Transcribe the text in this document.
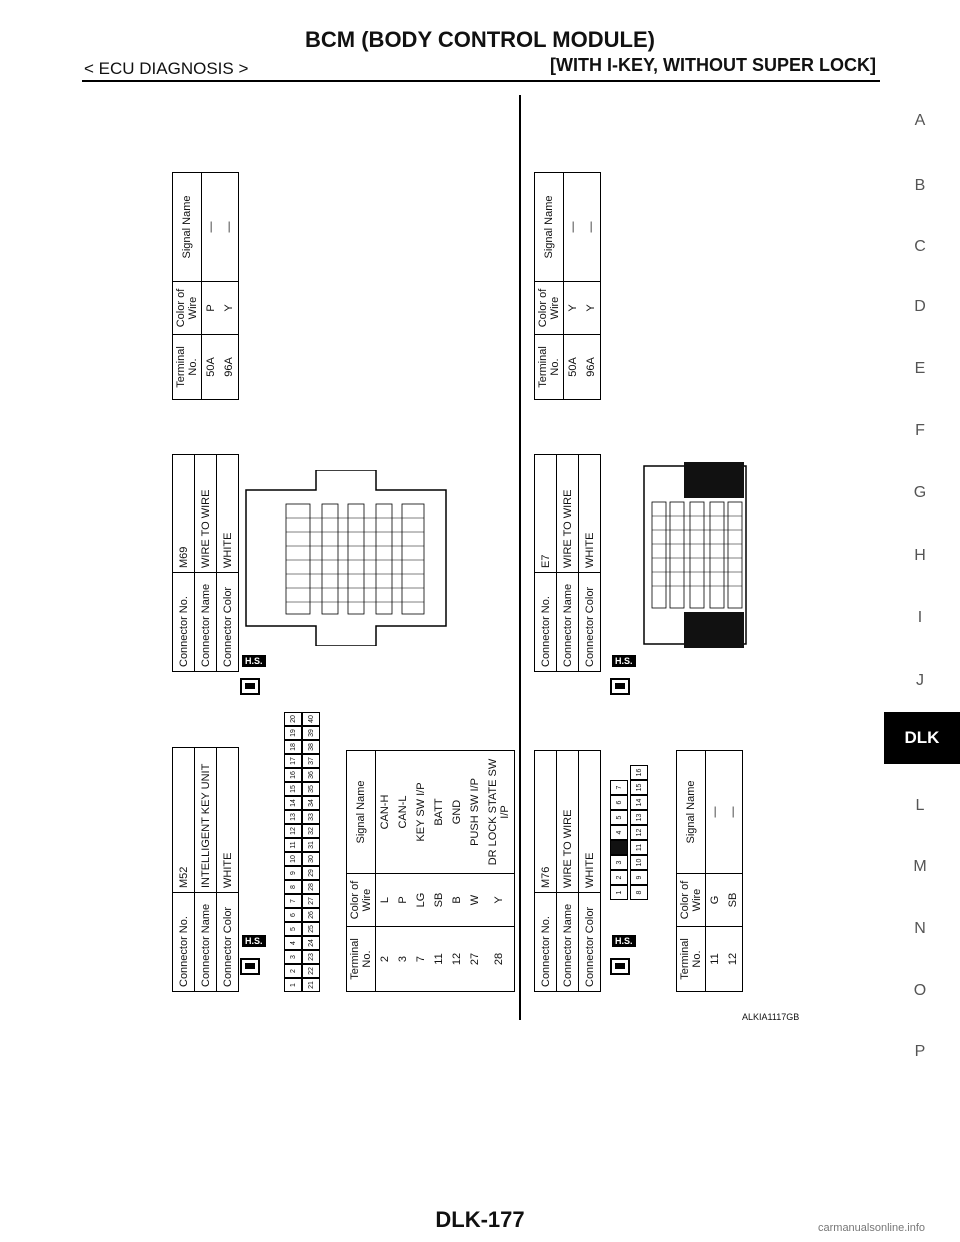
BCM (BODY CONTROL MODULE)
< ECU DIAGNOSIS >	[WITH I-KEY, WITHOUT SUPER LOCK]
A
B
C
D
E
F
G
H
I
J
DLK
L
M
N
O
P
Connector No.	M52
Connector Name	INTELLIGENT KEY UNIT
Connector Color	WHITE
H.S.
1
2
3
4
5
6
7
8
9
10
11
12
13
14
15
16
17
18
19
20
21
22
23
24
25
26
27
28
29
30
31
32
33
34
35
36
37
38
39
40
Terminal No.	Color of Wire	Signal Name
2	L	CAN-H
3	P	CAN-L
7	LG	KEY SW I/P
11	SB	BATT
12	B	GND
27	W	PUSH SW I/P
28	Y	DR LOCK STATE SW I/P
Connector No.	M69
Connector Name	WIRE TO WIRE
Connector Color	WHITE
H.S.
Terminal No.	Color of Wire	Signal Name
50A	P	—
96A	Y	—
Connector No.	M76
Connector Name	WIRE TO WIRE
Connector Color	WHITE
H.S.
1
2
3
4
5
6
7
8
9
10
11
12
13
14
15
16
Terminal No.	Color of Wire	Signal Name
11	G	—
12	SB	—
Connector No.	E7
Connector Name	WIRE TO WIRE
Connector Color	WHITE
H.S.
Terminal No.	Color of Wire	Signal Name
50A	Y	—
96A	Y	—
ALKIA1117GB
DLK-177	carmanualsonline.info
